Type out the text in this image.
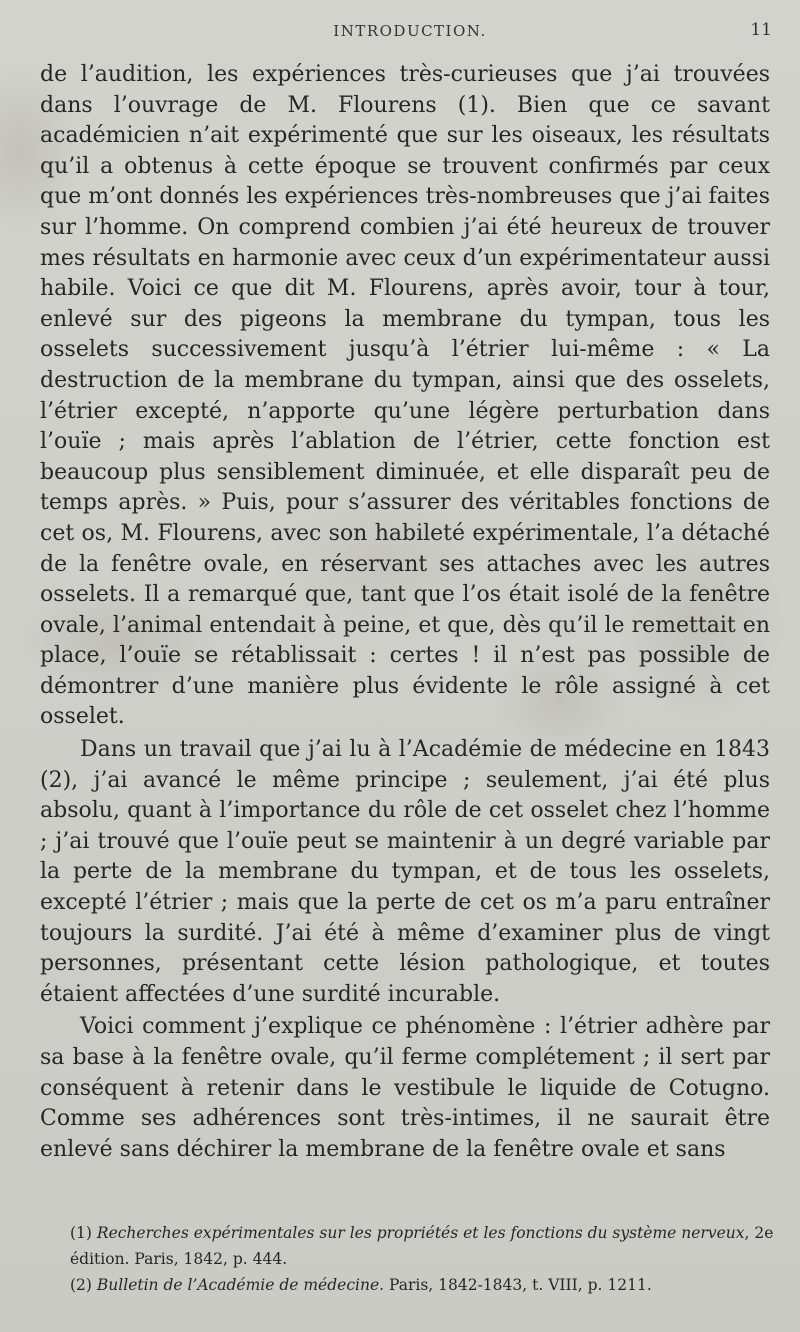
INTRODUCTION.	11

de l’audition, les expériences très-curieuses que j’ai trouvées dans l’ouvrage de M. Flourens (1). Bien que ce savant académicien n’ait expérimenté que sur les oiseaux, les résultats qu’il a obtenus à cette époque se trouvent confirmés par ceux que m’ont donnés les expériences très-nombreuses que j’ai faites sur l’homme. On comprend combien j’ai été heureux de trouver mes résultats en harmonie avec ceux d’un expérimentateur aussi habile. Voici ce que dit M. Flourens, après avoir, tour à tour, enlevé sur des pigeons la membrane du tympan, tous les osselets successivement jusqu’à l’étrier lui-même : « La destruction de la membrane du tympan, ainsi que des osselets, l’étrier excepté, n’apporte qu’une légère perturbation dans l’ouïe ; mais après l’ablation de l’étrier, cette fonction est beaucoup plus sensiblement diminuée, et elle disparaît peu de temps après. » Puis, pour s’assurer des véritables fonctions de cet os, M. Flourens, avec son habileté expérimentale, l’a détaché de la fenêtre ovale, en réservant ses attaches avec les autres osselets. Il a remarqué que, tant que l’os était isolé de la fenêtre ovale, l’animal entendait à peine, et que, dès qu’il le remettait en place, l’ouïe se rétablissait : certes ! il n’est pas possible de démontrer d’une manière plus évidente le rôle assigné à cet osselet.

Dans un travail que j’ai lu à l’Académie de médecine en 1843 (2), j’ai avancé le même principe ; seulement, j’ai été plus absolu, quant à l’importance du rôle de cet osselet chez l’homme ; j’ai trouvé que l’ouïe peut se maintenir à un degré variable par la perte de la membrane du tympan, et de tous les osselets, excepté l’étrier ; mais que la perte de cet os m’a paru entraîner toujours la surdité. J’ai été à même d’examiner plus de vingt personnes, présentant cette lésion pathologique, et toutes étaient affectées d’une surdité incurable.

Voici comment j’explique ce phénomène : l’étrier adhère par sa base à la fenêtre ovale, qu’il ferme complétement ; il sert par conséquent à retenir dans le vestibule le liquide de Cotugno. Comme ses adhérences sont très-intimes, il ne saurait être enlevé sans déchirer la membrane de la fenêtre ovale et sans

(1) Recherches expérimentales sur les propriétés et les fonctions du système nerveux, 2e édition. Paris, 1842, p. 444.

(2) Bulletin de l’Académie de médecine. Paris, 1842-1843, t. VIII, p. 1211.
